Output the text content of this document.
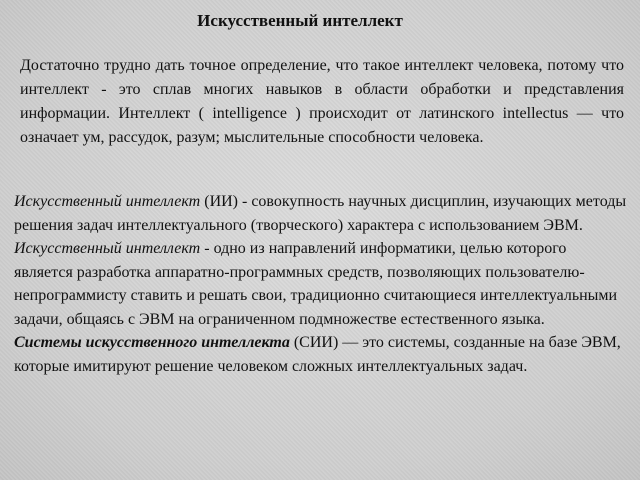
Искусственный интеллект

Достаточно трудно дать точное определение, что такое интеллект человека, потому что интеллект - это сплав многих навыков в области обработки и представления информации. Интеллект ( intelligence ) происходит от латинского intellectus — что означает ум, рассудок, разум; мыслительные способности человека.

Искусственный интеллект (ИИ) - совокупность научных дисциплин, изучающих методы решения задач интеллектуального (творческого) характера с использованием ЭВМ.

Искусственный интеллект - одно из направлений информатики, целью которого является разработка аппаратно-программных средств, позволяющих пользователю-непрограммисту ставить и решать свои, традиционно считающиеся интеллектуальными задачи, общаясь с ЭВМ на ограниченном подмножестве естественного языка.

Системы искусственного интеллекта (СИИ) — это системы, созданные на базе ЭВМ, которые имитируют решение человеком сложных интеллектуальных задач.
